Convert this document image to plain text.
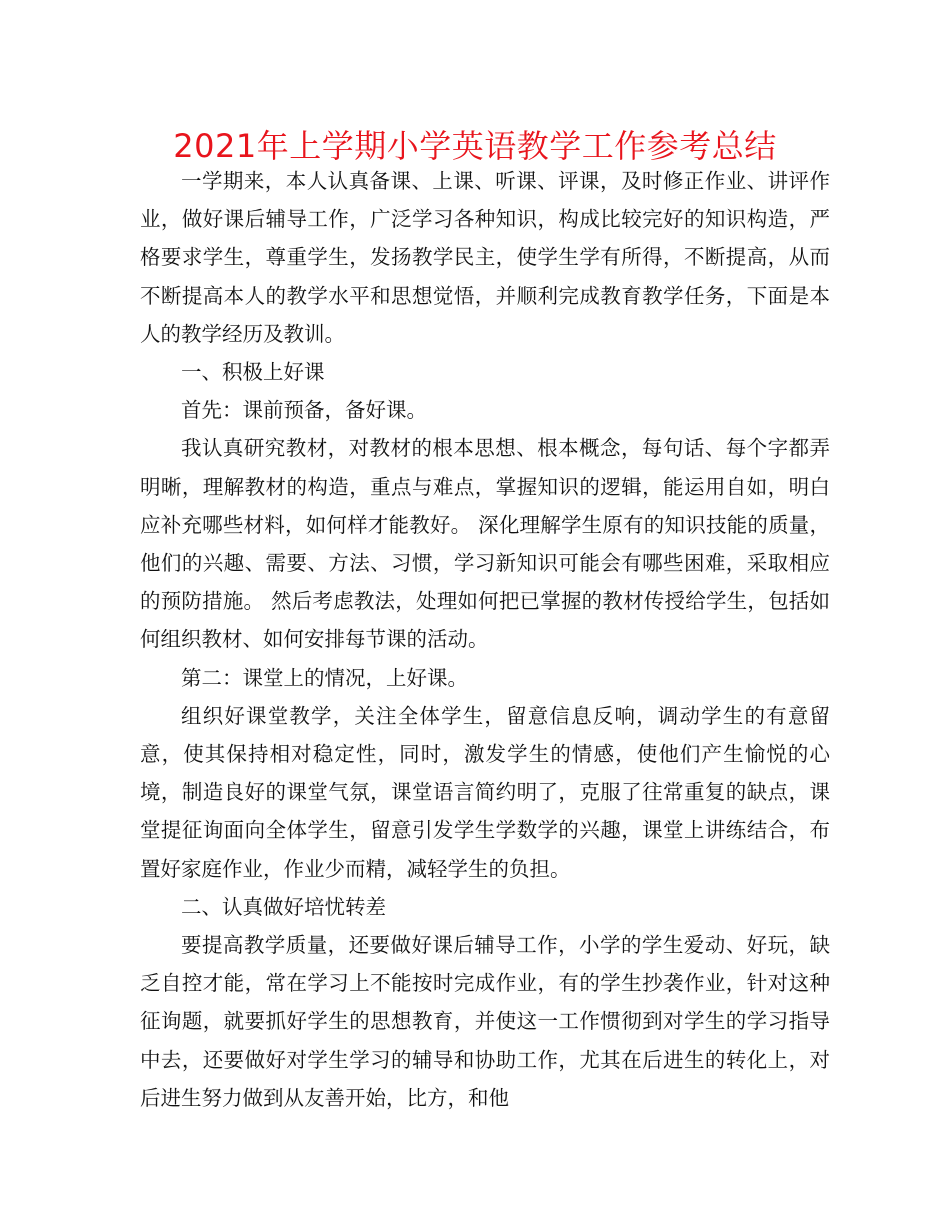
2021年上学期小学英语教学工作参考总结

一学期来，本人认真备课、上课、听课、评课，及时修正作业、讲评作业，做好课后辅导工作，广泛学习各种知识，构成比较完好的知识构造，严格要求学生，尊重学生，发扬教学民主，使学生学有所得，不断提高，从而不断提高本人的教学水平和思想觉悟，并顺利完成教育教学任务，下面是本人的教学经历及教训。

一、积极上好课

首先：课前预备，备好课。

我认真研究教材，对教材的根本思想、根本概念，每句话、每个字都弄明晰，理解教材的构造，重点与难点，掌握知识的逻辑，能运用自如，明白应补充哪些材料，如何样才能教好。 深化理解学生原有的知识技能的质量，他们的兴趣、需要、方法、习惯，学习新知识可能会有哪些困难，采取相应的预防措施。 然后考虑教法，处理如何把已掌握的教材传授给学生，包括如何组织教材、如何安排每节课的活动。

第二：课堂上的情况，上好课。

组织好课堂教学，关注全体学生，留意信息反响，调动学生的有意留意，使其保持相对稳定性，同时，激发学生的情感，使他们产生愉悦的心境，制造良好的课堂气氛，课堂语言简约明了，克服了往常重复的缺点，课堂提征询面向全体学生，留意引发学生学数学的兴趣，课堂上讲练结合，布置好家庭作业，作业少而精，减轻学生的负担。

二、认真做好培忧转差

要提高教学质量，还要做好课后辅导工作，小学的学生爱动、好玩，缺乏自控才能，常在学习上不能按时完成作业，有的学生抄袭作业，针对这种征询题，就要抓好学生的思想教育，并使这一工作惯彻到对学生的学习指导中去，还要做好对学生学习的辅导和协助工作，尤其在后进生的转化上，对后进生努力做到从友善开始，比方，和他
